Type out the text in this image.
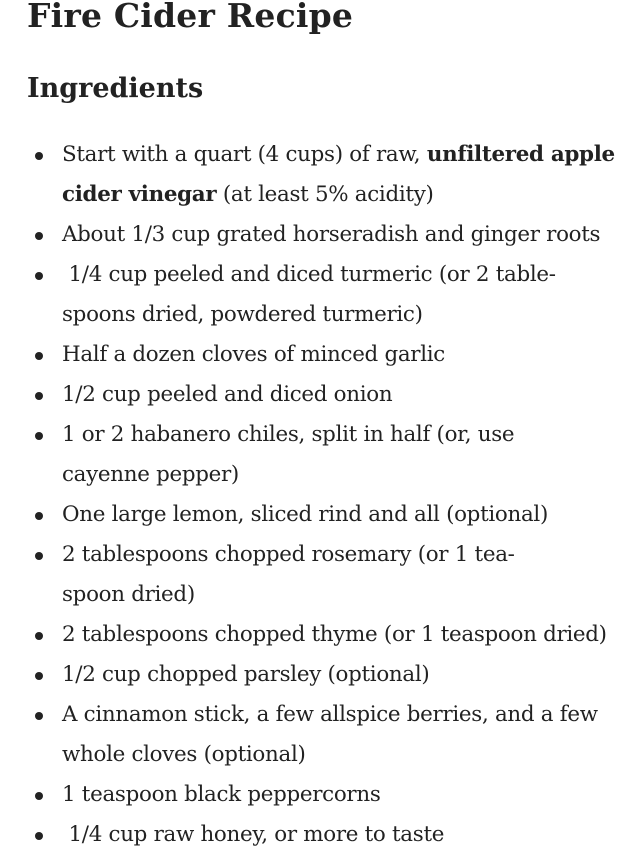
Fire Cider Recipe
Ingredients
Start with a quart (4 cups) of raw, unfiltered apple
cider vinegar (at least 5% acidity)
About 1/3 cup grated horseradish and ginger roots
1/4 cup peeled and diced turmeric (or 2 table-
spoons dried, powdered turmeric)
Half a dozen cloves of minced garlic
1/2 cup peeled and diced onion
1 or 2 habanero chiles, split in half (or, use
cayenne pepper)
One large lemon, sliced rind and all (optional)
2 tablespoons chopped rosemary (or 1 tea-
spoon dried)
2 tablespoons chopped thyme (or 1 teaspoon dried)
1/2 cup chopped parsley (optional)
A cinnamon stick, a few allspice berries, and a few
whole cloves (optional)
1 teaspoon black peppercorns
1/4 cup raw honey, or more to taste
